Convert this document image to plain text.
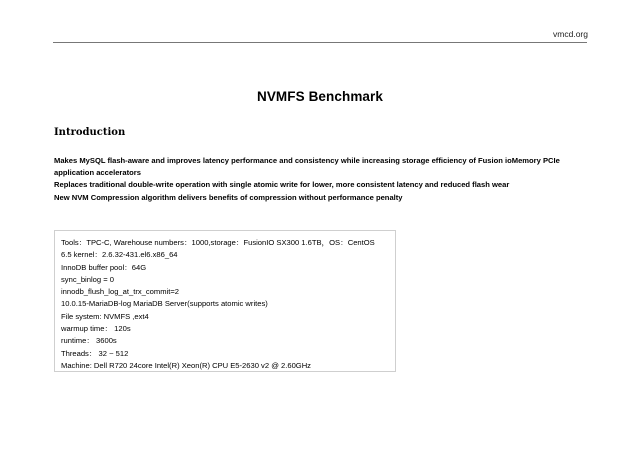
vmcd.org
NVMFS Benchmark
Introduction
Makes MySQL flash-aware and improves latency performance and consistency while increasing storage efficiency of Fusion ioMemory PCIe
application accelerators
Replaces traditional double-write operation with single atomic write for lower, more consistent latency and reduced flash wear
New NVM Compression algorithm delivers benefits of compression without performance penalty
Tools：TPC-C, Warehouse numbers：1000,storage：FusionIO SX300 1.6TB，OS：CentOS
6.5 kernel：2.6.32-431.el6.x86_64
InnoDB buffer pool：64G
sync_binlog = 0
innodb_flush_log_at_trx_commit=2
10.0.15-MariaDB-log MariaDB Server(supports atomic writes)
File system: NVMFS ,ext4
warmup time： 120s
runtime： 3600s
Threads： 32 ~ 512
Machine: Dell R720 24core Intel(R) Xeon(R) CPU E5-2630 v2 @ 2.60GHz
